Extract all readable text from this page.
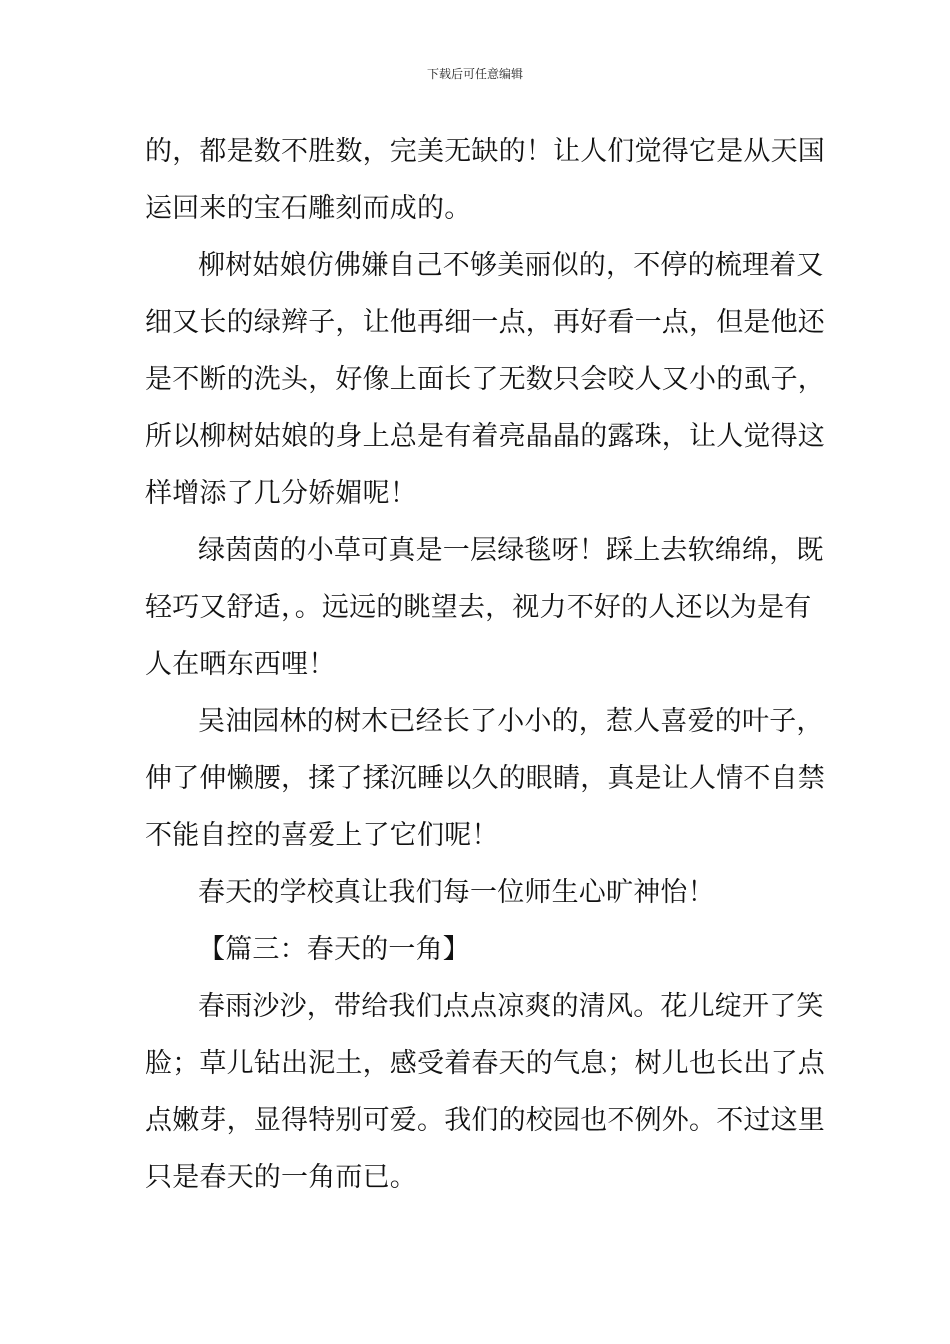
下载后可任意编辑
的，都是数不胜数，完美无缺的！让人们觉得它是从天国
运回来的宝石雕刻而成的。
柳树姑娘仿佛嫌自己不够美丽似的，不停的梳理着又
细又长的绿辫子，让他再细一点，再好看一点，但是他还
是不断的洗头，好像上面长了无数只会咬人又小的虱子，
所以柳树姑娘的身上总是有着亮晶晶的露珠，让人觉得这
样增添了几分娇媚呢！
绿茵茵的小草可真是一层绿毯呀！踩上去软绵绵，既
轻巧又舒适，。远远的眺望去，视力不好的人还以为是有
人在晒东西哩！
吴油园林的树木已经长了小小的，惹人喜爱的叶子，
伸了伸懒腰，揉了揉沉睡以久的眼睛，真是让人情不自禁
不能自控的喜爱上了它们呢！
春天的学校真让我们每一位师生心旷神怡！
【篇三：春天的一角】
春雨沙沙，带给我们点点凉爽的清风。花儿绽开了笑
脸；草儿钻出泥土，感受着春天的气息；树儿也长出了点
点嫩芽，显得特别可爱。我们的校园也不例外。不过这里
只是春天的一角而已。
